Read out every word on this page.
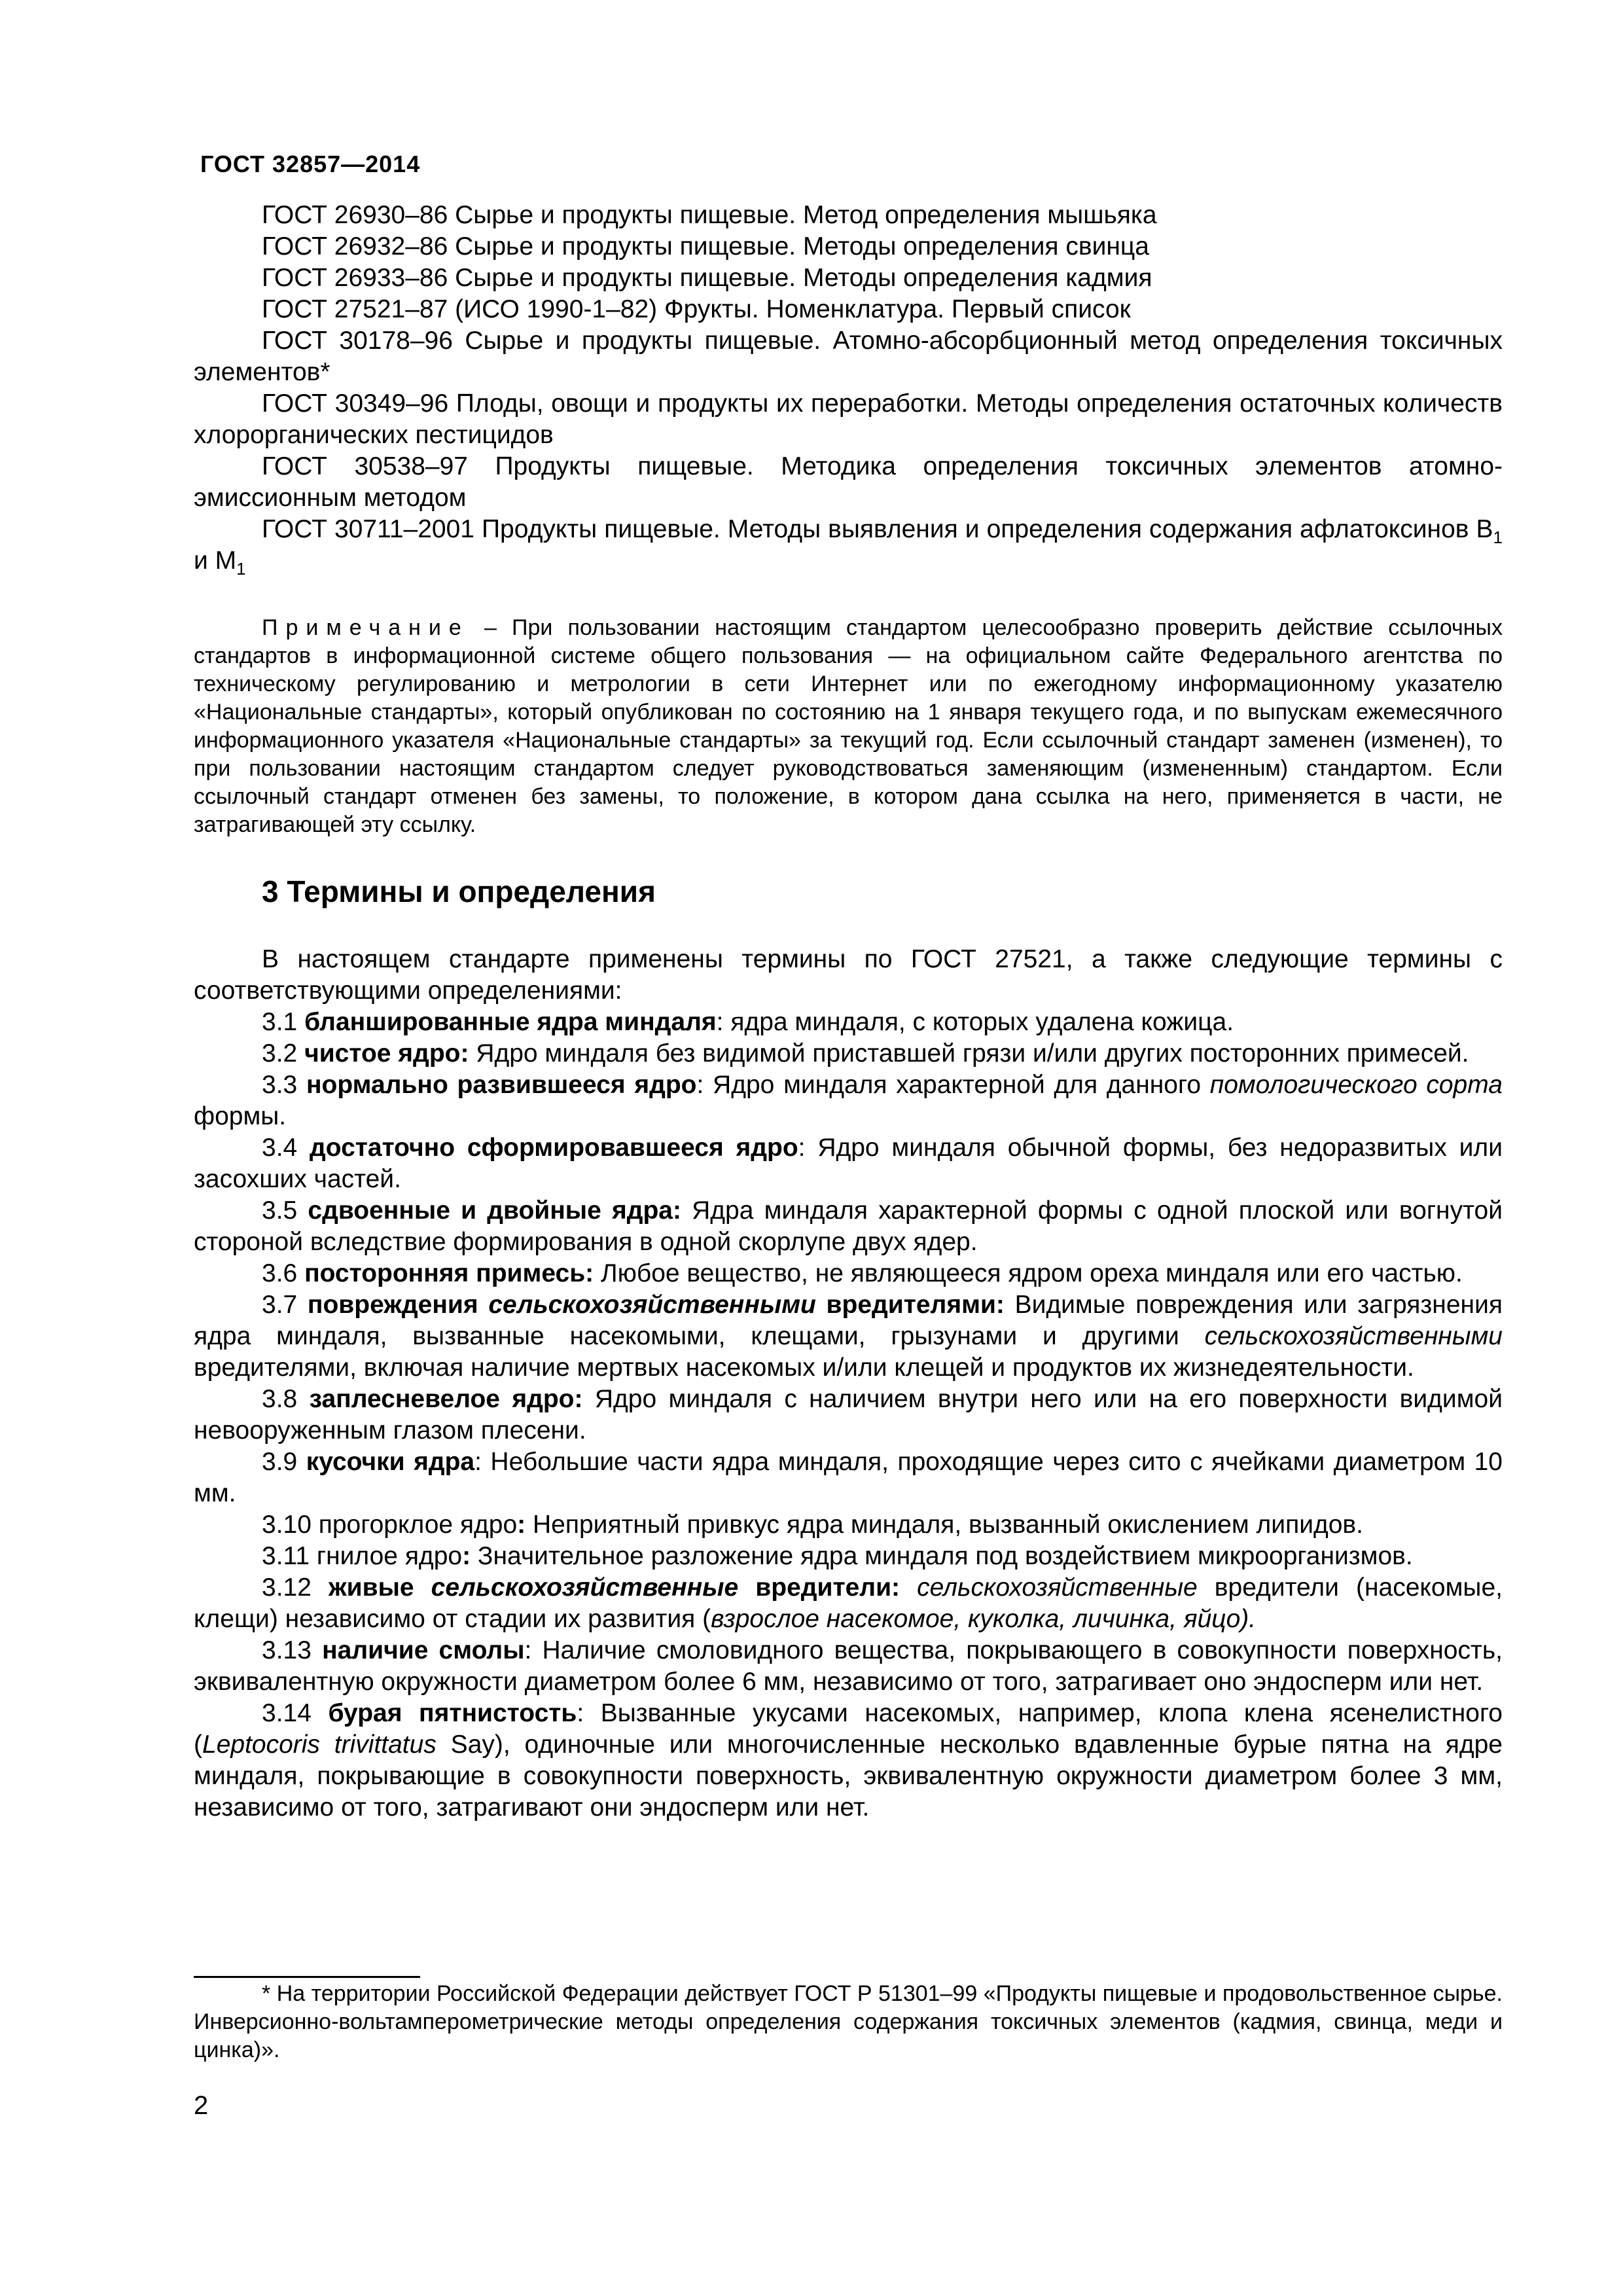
ГОСТ 32857—2014

ГОСТ 26930–86 Сырье и продукты пищевые. Метод определения мышьяка

ГОСТ 26932–86 Сырье и продукты пищевые. Методы определения свинца

ГОСТ 26933–86 Сырье и продукты пищевые. Методы определения кадмия

ГОСТ 27521–87 (ИСО 1990-1–82) Фрукты. Номенклатура. Первый список

ГОСТ 30178–96 Сырье и продукты пищевые. Атомно-абсорбционный метод определения токсичных элементов*

ГОСТ 30349–96 Плоды, овощи и продукты их переработки. Методы определения остаточных количеств хлорорганических пестицидов

ГОСТ 30538–97 Продукты пищевые. Методика определения токсичных элементов атомно-эмиссионным методом

ГОСТ 30711–2001 Продукты пищевые. Методы выявления и определения содержания афлатоксинов $В_1$ и $М_1$

Примечание – При пользовании настоящим стандартом целесообразно проверить действие ссылочных стандартов в информационной системе общего пользования — на официальном сайте Федерального агентства по техническому регулированию и метрологии в сети Интернет или по ежегодному информационному указателю «Национальные стандарты», который опубликован по состоянию на 1 января текущего года, и по выпускам ежемесячного информационного указателя «Национальные стандарты» за текущий год. Если ссылочный стандарт заменен (изменен), то при пользовании настоящим стандартом следует руководствоваться заменяющим (измененным) стандартом. Если ссылочный стандарт отменен без замены, то положение, в котором дана ссылка на него, применяется в части, не затрагивающей эту ссылку.

3 Термины и определения

В настоящем стандарте применены термины по ГОСТ 27521, а также следующие термины с соответствующими определениями:

3.1 бланшированные ядра миндаля: ядра миндаля, с которых удалена кожица.

3.2 чистое ядро: Ядро миндаля без видимой приставшей грязи и/или других посторонних примесей.

3.3 нормально развившееся ядро: Ядро миндаля характерной для данного помологического сорта формы.

3.4 достаточно сформировавшееся ядро: Ядро миндаля обычной формы, без недоразвитых или засохших частей.

3.5 сдвоенные и двойные ядра: Ядра миндаля характерной формы с одной плоской или вогнутой стороной вследствие формирования в одной скорлупе двух ядер.

3.6 посторонняя примесь: Любое вещество, не являющееся ядром ореха миндаля или его частью.

3.7 повреждения сельскохозяйственными вредителями: Видимые повреждения или загрязнения ядра миндаля, вызванные насекомыми, клещами, грызунами и другими сельскохозяйственными вредителями, включая наличие мертвых насекомых и/или клещей и продуктов их жизнедеятельности.

3.8 заплесневелое ядро: Ядро миндаля с наличием внутри него или на его поверхности видимой невооруженным глазом плесени.

3.9 кусочки ядра: Небольшие части ядра миндаля, проходящие через сито с ячейками диаметром 10 мм.

3.10 прогорклое ядро: Неприятный привкус ядра миндаля, вызванный окислением липидов.

3.11 гнилое ядро: Значительное разложение ядра миндаля под воздействием микроорганизмов.

3.12 живые сельскохозяйственные вредители: сельскохозяйственные вредители (насекомые, клещи) независимо от стадии их развития (взрослое насекомое, куколка, личинка, яйцо).

3.13 наличие смолы: Наличие смоловидного вещества, покрывающего в совокупности поверхность, эквивалентную окружности диаметром более 6 мм, независимо от того, затрагивает оно эндосперм или нет.

3.14 бурая пятнистость: Вызванные укусами насекомых, например, клопа клена ясенелистного (Leptocoris trivittatus Say), одиночные или многочисленные несколько вдавленные бурые пятна на ядре миндаля, покрывающие в совокупности поверхность, эквивалентную окружности диаметром более 3 мм, независимо от того, затрагивают они эндосперм или нет.

* На территории Российской Федерации действует ГОСТ Р 51301–99 «Продукты пищевые и продовольственное сырье. Инверсионно-вольтамперометрические методы определения содержания токсичных элементов (кадмия, свинца, меди и цинка)».
2
